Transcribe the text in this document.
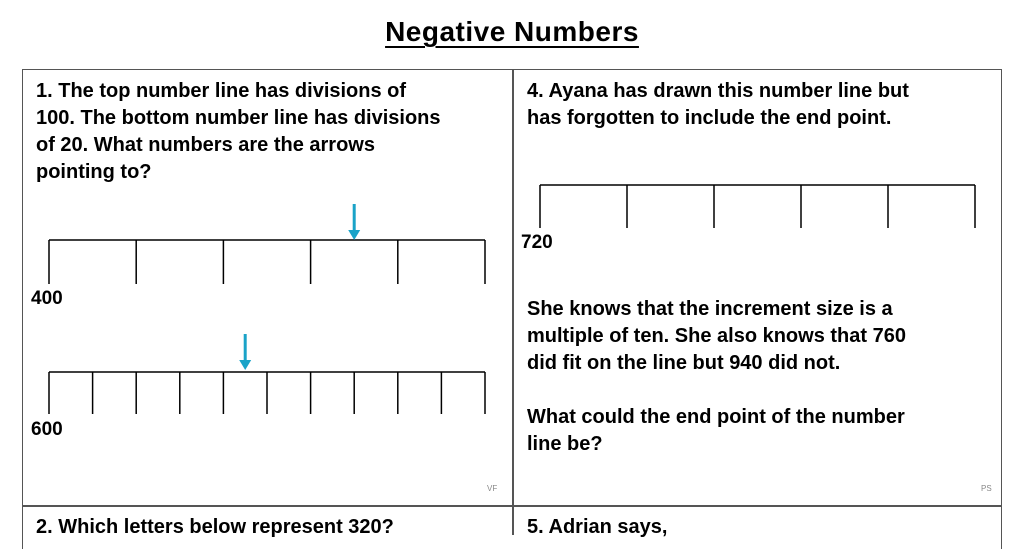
Negative Numbers
1. The top number line has divisions of
100. The bottom number line has divisions
of 20. What numbers are the arrows
pointing to?
400
600
VF
4. Ayana has drawn this number line but
has forgotten to include the end point.
720
She knows that the increment size is a
multiple of ten. She also knows that 760
did fit on the line but 940 did not.
What could the end point of the number
line be?
PS
2. Which letters below represent 320?	5. Adrian says,
